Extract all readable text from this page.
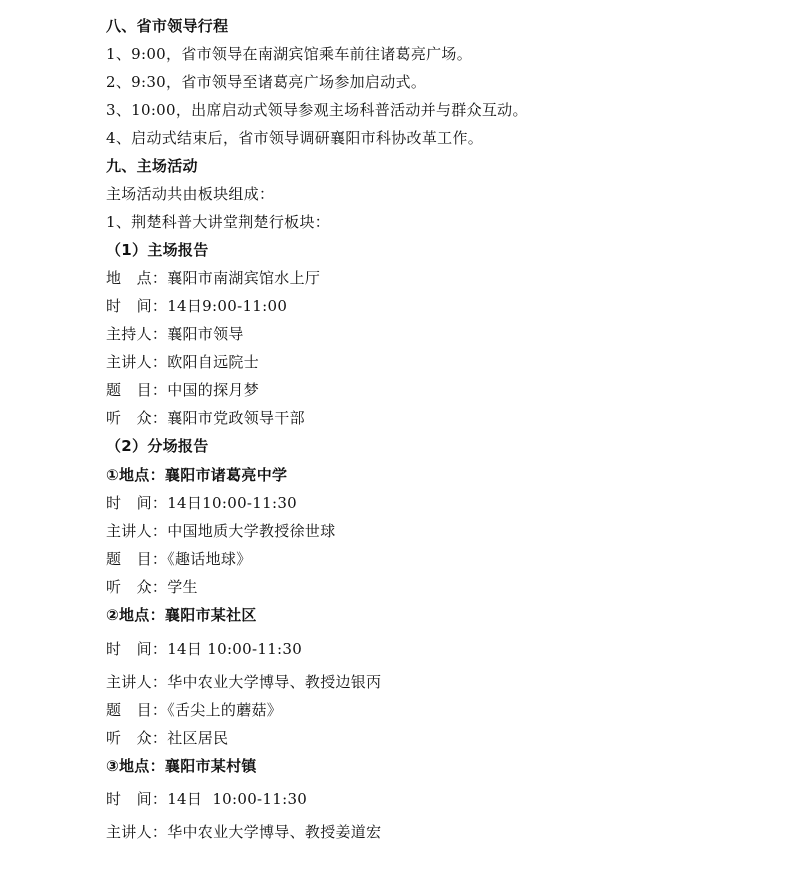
八、省市领导行程
1、9:00，省市领导在南湖宾馆乘车前往诸葛亮广场。
2、9:30，省市领导至诸葛亮广场参加启动式。
3、10:00，出席启动式领导参观主场科普活动并与群众互动。
4、启动式结束后，省市领导调研襄阳市科协改革工作。
九、主场活动
主场活动共由板块组成：
1、荆楚科普大讲堂荆楚行板块：
（1）主场报告
地　点：襄阳市南湖宾馆水上厅
时　间：14日9:00-11:00
主持人：襄阳市领导
主讲人：欧阳自远院士
题　目：中国的探月梦
听　众：襄阳市党政领导干部
（2）分场报告
①地点：襄阳市诸葛亮中学
时　间：14日10:00-11:30
主讲人：中国地质大学教授徐世球
题　目：《趣话地球》
听　众：学生
②地点：襄阳市某社区
时　间：14日 10:00-11:30
主讲人：华中农业大学博导、教授边银丙
题　目：《舌尖上的蘑菇》
听　众：社区居民
③地点：襄阳市某村镇
时　间：14日  10:00-11:30
主讲人：华中农业大学博导、教授姜道宏
